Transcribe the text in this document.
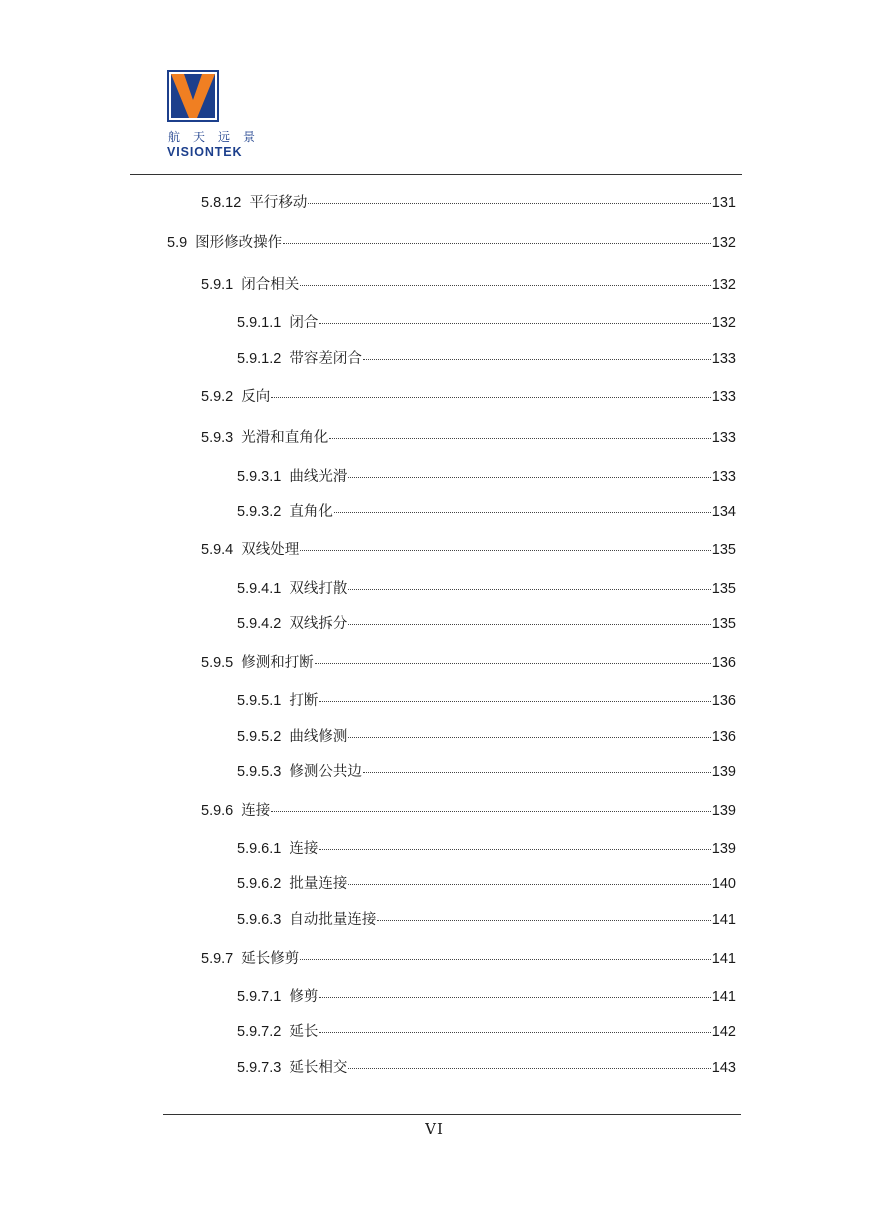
航天远景
VISIONTEK
5.8.12 平行移动	131
5.9 图形修改操作	132
5.9.1 闭合相关	132
5.9.1.1 闭合	132
5.9.1.2 带容差闭合	133
5.9.2 反向	133
5.9.3 光滑和直角化	133
5.9.3.1 曲线光滑	133
5.9.3.2 直角化	134
5.9.4 双线处理	135
5.9.4.1 双线打散	135
5.9.4.2 双线拆分	135
5.9.5 修测和打断	136
5.9.5.1 打断	136
5.9.5.2 曲线修测	136
5.9.5.3 修测公共边	139
5.9.6 连接	139
5.9.6.1 连接	139
5.9.6.2 批量连接	140
5.9.6.3 自动批量连接	141
5.9.7 延长修剪	141
5.9.7.1 修剪	141
5.9.7.2 延长	142
5.9.7.3 延长相交	143
VI
